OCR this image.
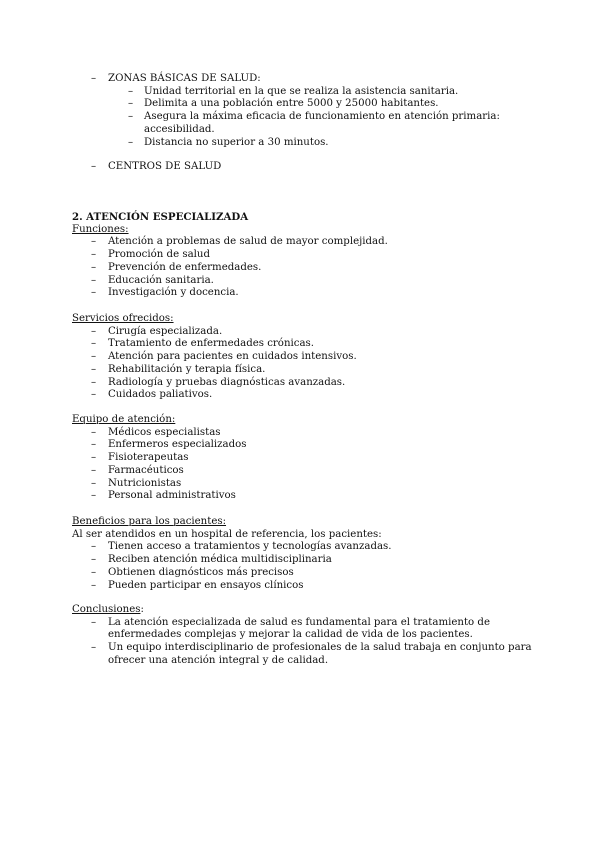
– ZONAS BÁSICAS DE SALUD:
– Unidad territorial en la que se realiza la asistencia sanitaria.
– Delimita a una población entre 5000 y 25000 habitantes.
– Asegura la máxima eficacia de funcionamiento en atención primaria: accesibilidad.
– Distancia no superior a 30 minutos.
– CENTROS DE SALUD
2. ATENCIÓN ESPECIALIZADA
Funciones:
– Atención a problemas de salud de mayor complejidad.
– Promoción de salud
– Prevención de enfermedades.
– Educación sanitaria.
– Investigación y docencia.
Servicios ofrecidos:
– Cirugía especializada.
– Tratamiento de enfermedades crónicas.
– Atención para pacientes en cuidados intensivos.
– Rehabilitación y terapia física.
– Radiología y pruebas diagnósticas avanzadas.
– Cuidados paliativos.
Equipo de atención:
– Médicos especialistas
– Enfermeros especializados
– Fisioterapeutas
– Farmacéuticos
– Nutricionistas
– Personal administrativos
Beneficios para los pacientes:
Al ser atendidos en un hospital de referencia, los pacientes:
– Tienen acceso a tratamientos y tecnologías avanzadas.
– Reciben atención médica multidisciplinaria
– Obtienen diagnósticos más precisos
– Pueden participar en ensayos clínicos
Conclusiones:
– La atención especializada de salud es fundamental para el tratamiento de enfermedades complejas y mejorar la calidad de vida de los pacientes.
– Un equipo interdisciplinario de profesionales de la salud trabaja en conjunto para ofrecer una atención integral y de calidad.
